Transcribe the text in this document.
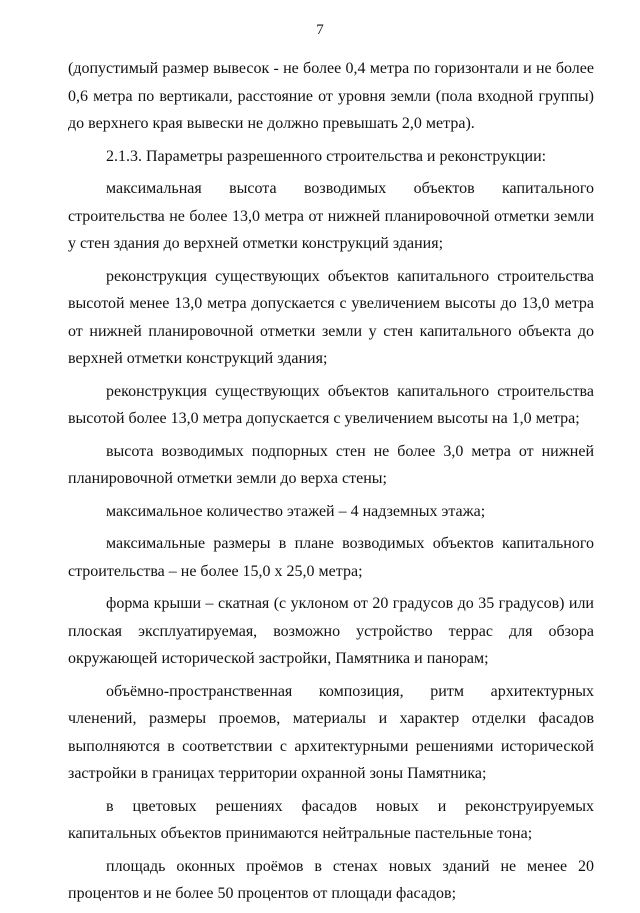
7

(допустимый размер вывесок - не более 0,4 метра по горизонтали и не более 0,6 метра по вертикали, расстояние от уровня земли (пола входной группы) до верхнего края вывески не должно превышать 2,0 метра).

2.1.3. Параметры разрешенного строительства и реконструкции:

максимальная высота возводимых объектов капитального строительства не более 13,0 метра от нижней планировочной отметки земли у стен здания до верхней отметки конструкций здания;

реконструкция существующих объектов капитального строительства высотой менее 13,0 метра допускается с увеличением высоты до 13,0 метра от нижней планировочной отметки земли у стен капитального объекта до верхней отметки конструкций здания;

реконструкция существующих объектов капитального строительства высотой более 13,0 метра допускается с увеличением высоты на 1,0 метра;

высота возводимых подпорных стен не более 3,0 метра от нижней планировочной отметки земли до верха стены;

максимальное количество этажей – 4 надземных этажа;

максимальные размеры в плане возводимых объектов капитального строительства – не более 15,0 х 25,0 метра;

форма крыши – скатная (с уклоном от 20 градусов до 35 градусов) или плоская эксплуатируемая, возможно устройство террас для обзора окружающей исторической застройки, Памятника и панорам;

объёмно-пространственная композиция, ритм архитектурных членений, размеры проемов, материалы и характер отделки фасадов выполняются в соответствии с архитектурными решениями исторической застройки в границах территории охранной зоны Памятника;

в цветовых решениях фасадов новых и реконструируемых капитальных объектов принимаются нейтральные пастельные тона;

площадь оконных проёмов в стенах новых зданий не менее 20 процентов и не более 50 процентов от площади фасадов;
